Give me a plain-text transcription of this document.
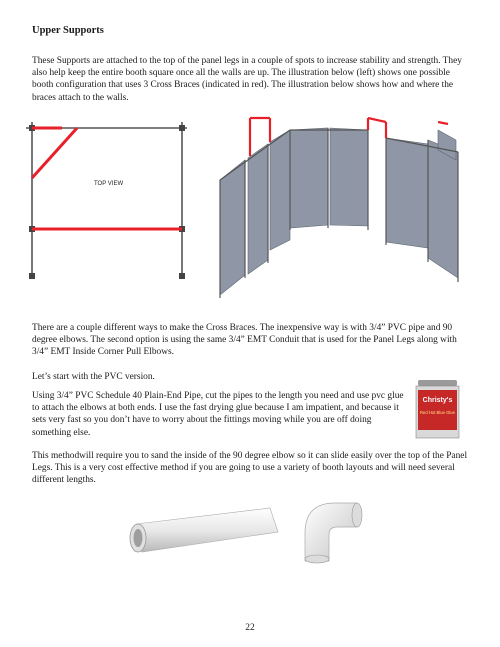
Upper Supports

These Supports are attached to the top of the panel legs in a couple of spots to increase stability and strength. They also help keep the entire booth square once all the walls are up. The illustration below (left) shows one possible booth configuration that uses 3 Cross Braces (indicated in red). The illustration below shows how and where the braces attach to the walls.

TOP VIEW

There are a couple different ways to make the Cross Braces. The inexpensive way is with 3/4” PVC pipe and 90 degree elbows. The second option is using the same 3/4” EMT Conduit that is used for the Panel Legs along with 3/4” EMT Inside Corner Pull Elbows.

Let’s start with the PVC version.

Using 3/4” PVC Schedule 40 Plain-End Pipe, cut the pipes to the length you need and use pvc glue to attach the elbows at both ends. I use the fast drying glue because I am impatient, and because it sets very fast so you don’t have to worry about the fittings moving while you are off doing something else.

Christy's
Red Hot Blue Glue

This methodwill require you to sand the inside of the 90 degree elbow so it can slide easily over the top of the Panel Legs. This is a very cost effective method if you are going to use a variety of booth layouts and will need several different lengths.

22
